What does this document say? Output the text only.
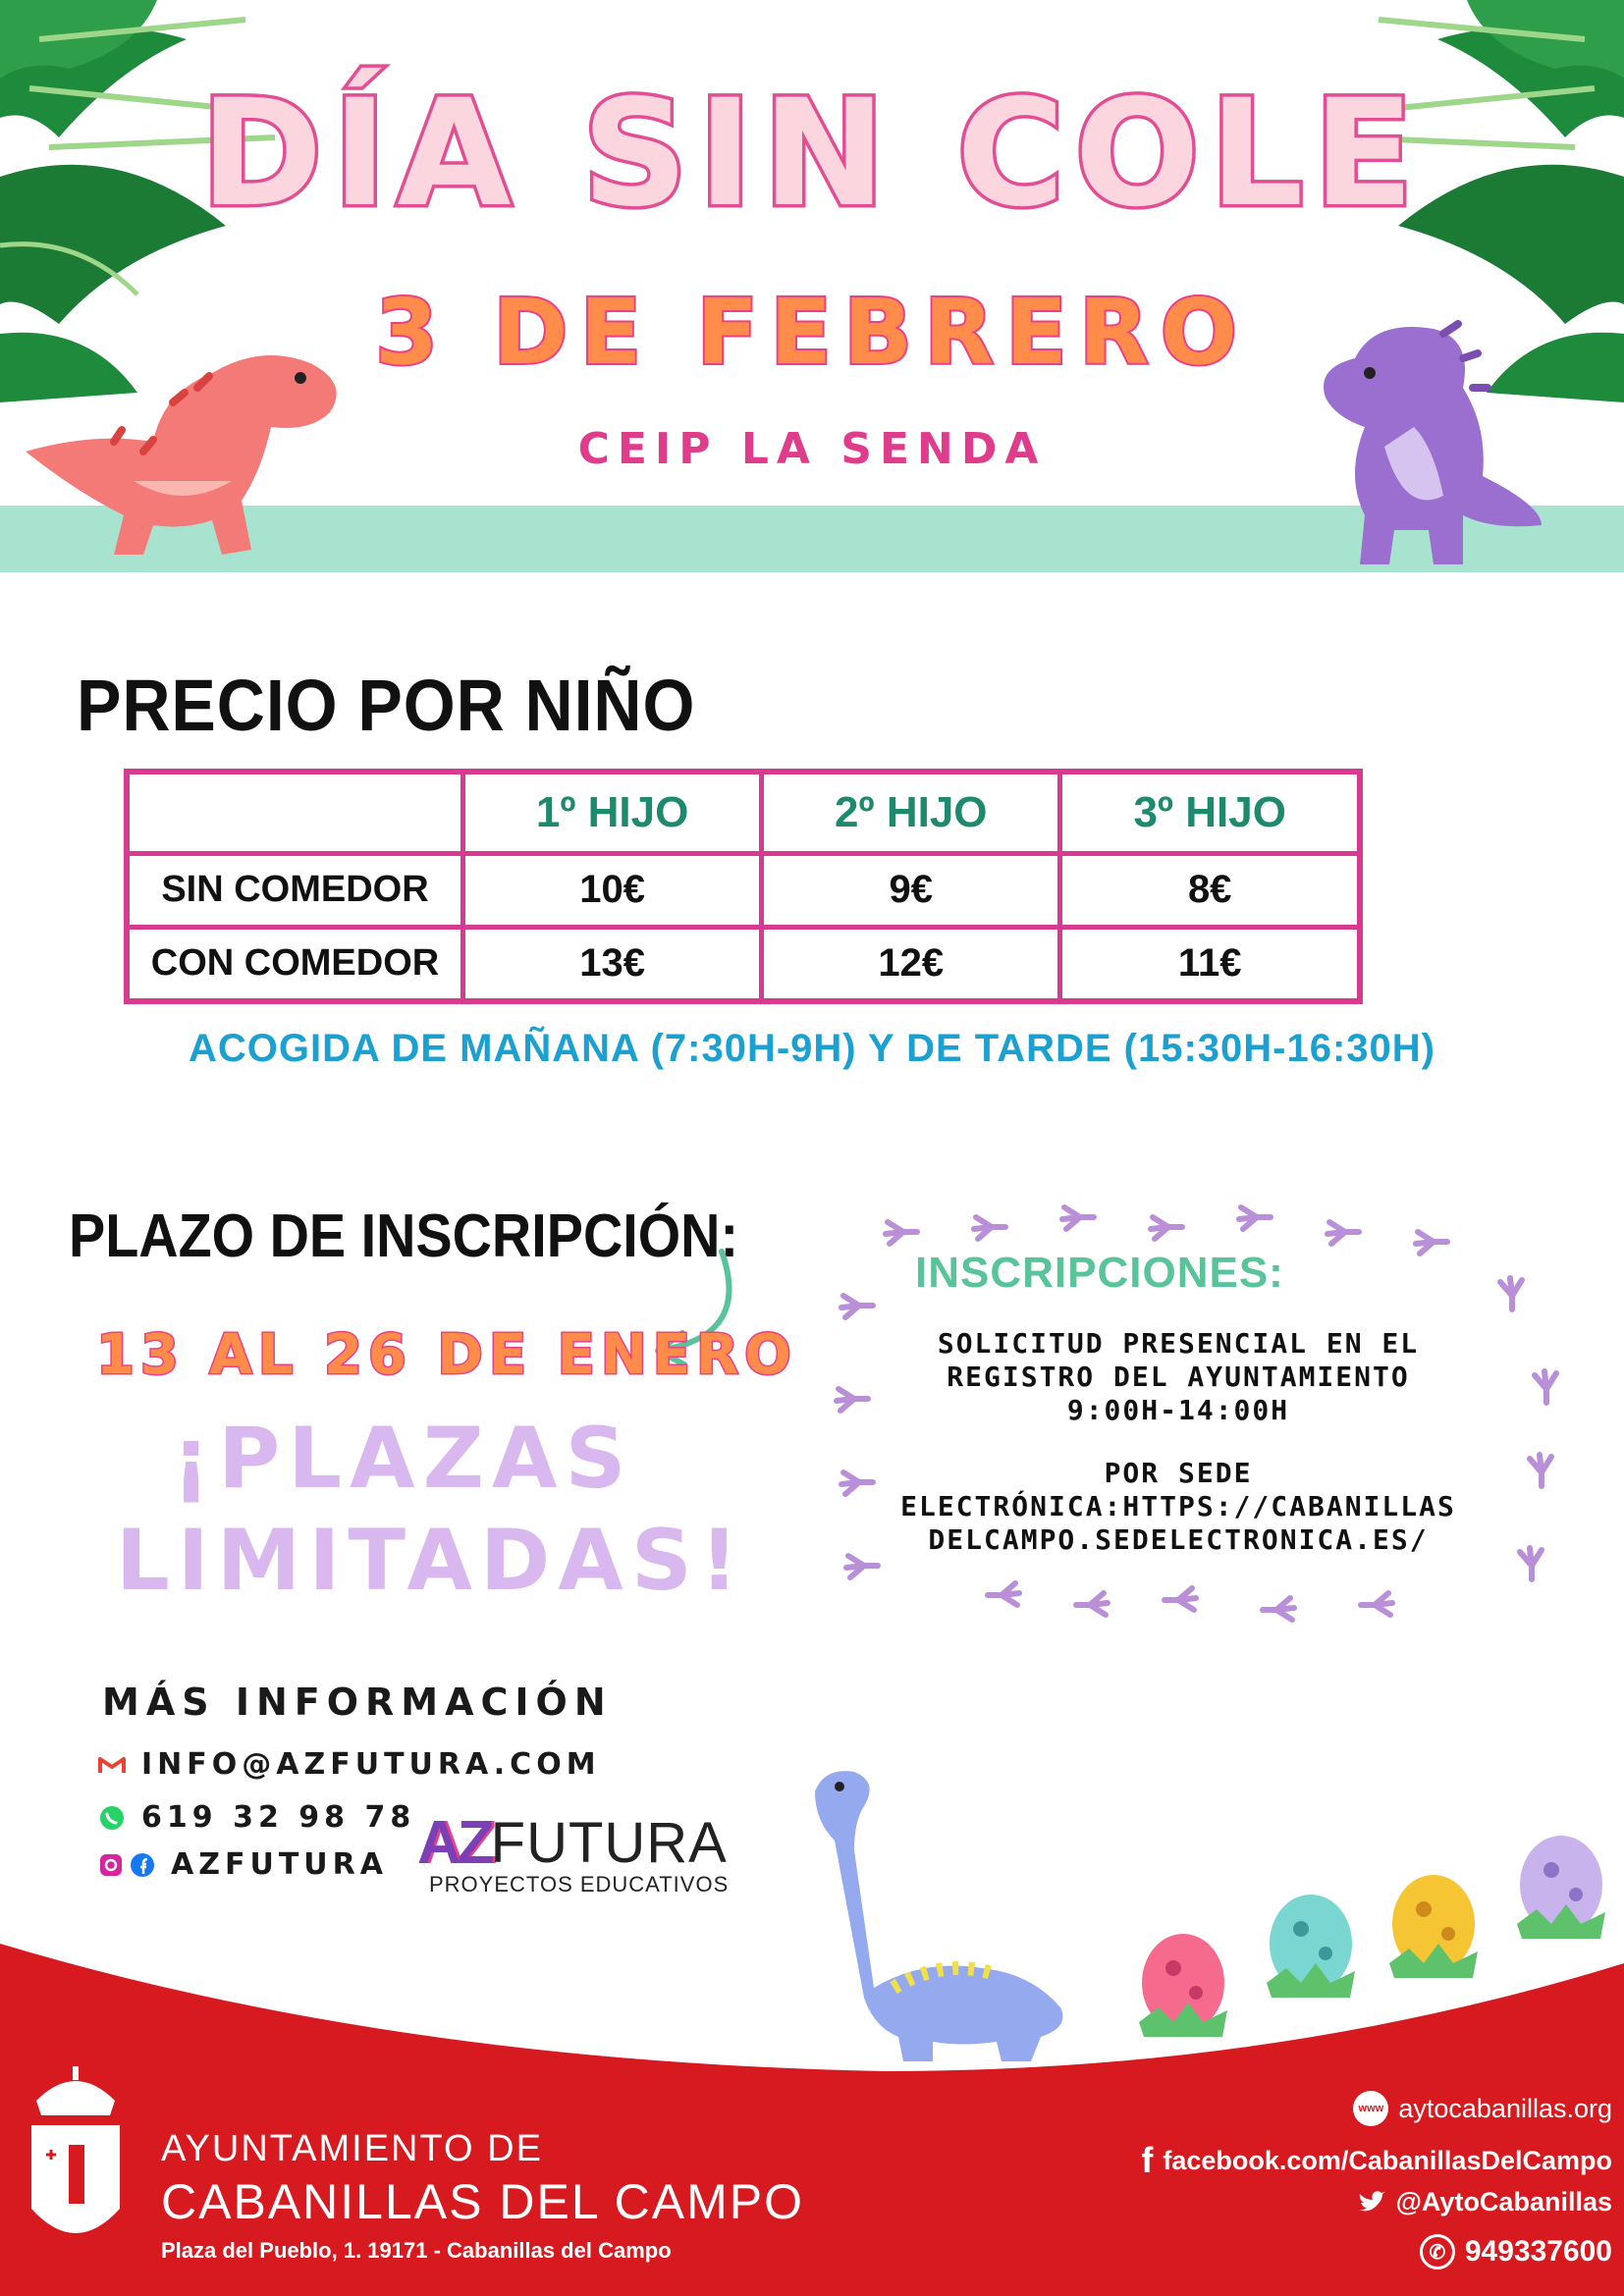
DÍA SIN COLE
3 DE FEBRERO
CEIP LA SENDA
PRECIO POR NIÑO
	1º HIJO	2º HIJO	3º HIJO
SIN COMEDOR	10€	9€	8€
CON COMEDOR	13€	12€	11€
ACOGIDA DE MAÑANA (7:30H-9H) Y DE TARDE (15:30H-16:30H)
PLAZO DE INSCRIPCIÓN:
13 AL 26 DE ENERO
¡PLAZAS
LIMITADAS!
INSCRIPCIONES:
SOLICITUD PRESENCIAL EN EL
REGISTRO DEL AYUNTAMIENTO
9:00H-14:00H
POR SEDE
ELECTRÓNICA:HTTPS://CABANILLAS
DELCAMPO.SEDELECTRONICA.ES/
MÁS INFORMACIÓN
INFO@AZFUTURA.COM
619 32 98 78
AZFUTURA AZ FUTURA
PROYECTOS EDUCATIVOS
AYUNTAMIENTO DE
CABANILLAS DEL CAMPO
Plaza del Pueblo, 1. 19171 - Cabanillas del Campo
www aytocabanillas.org
f facebook.com/CabanillasDelCampo
@AytoCabanillas
✆ 949337600
